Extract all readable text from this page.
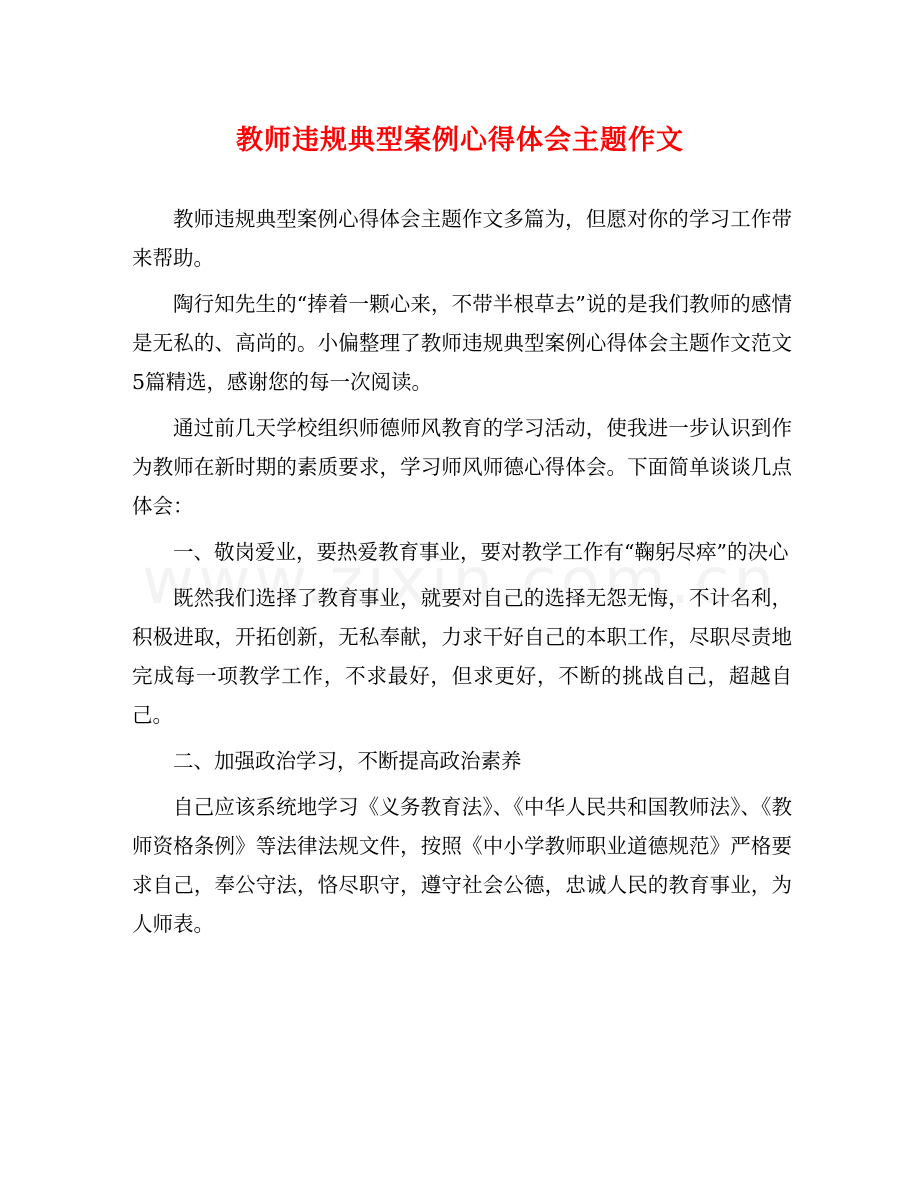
教师违规典型案例心得体会主题作文

教师违规典型案例心得体会主题作文多篇为，但愿对你的学习工作带来帮助。

陶行知先生的“捧着一颗心来，不带半根草去”说的是我们教师的感情是无私的、高尚的。小偏整理了教师违规典型案例心得体会主题作文范文5篇精选，感谢您的每一次阅读。

通过前几天学校组织师德师风教育的学习活动，使我进一步认识到作为教师在新时期的素质要求，学习师风师德心得体会。下面简单谈谈几点体会：

一、敬岗爱业，要热爱教育事业，要对教学工作有“鞠躬尽瘁”的决心

既然我们选择了教育事业，就要对自己的选择无怨无悔，不计名利，积极进取，开拓创新，无私奉献，力求干好自己的本职工作，尽职尽责地完成每一项教学工作，不求最好，但求更好，不断的挑战自己，超越自己。

二、加强政治学习，不断提高政治素养

自己应该系统地学习《义务教育法》、《中华人民共和国教师法》、《教师资格条例》等法律法规文件，按照《中小学教师职业道德规范》严格要求自己，奉公守法，恪尽职守，遵守社会公德，忠诚人民的教育事业，为人师表。
